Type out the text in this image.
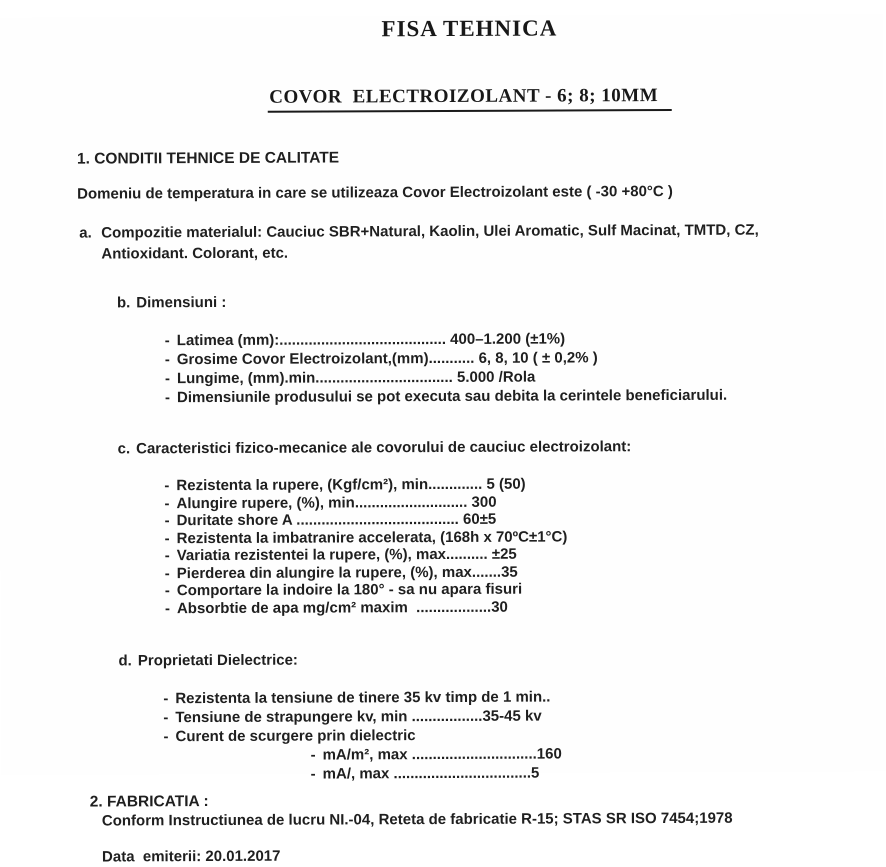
FISA TEHNICA
COVOR  ELECTROIZOLANT - 6; 8; 10MM
1. CONDITII TEHNICE DE CALITATE
Domeniu de temperatura in care se utilizeaza Covor Electroizolant este ( -30 +80°C )
a. Compozitie materialul: Cauciuc SBR+Natural, Kaolin, Ulei Aromatic, Sulf Macinat, TMTD, CZ,
Antioxidant. Colorant, etc.

b. Dimensiuni :

- Latimea (mm):........................................ 400–1.200 (±1%)
- Grosime Covor Electroizolant,(mm)........... 6, 8, 10 ( ± 0,2% )
- Lungime, (mm).min................................. 5.000 /Rola
- Dimensiunile produsului se pot executa sau debita la cerintele beneficiarului.

c. Caracteristici fizico-mecanice ale covorului de cauciuc electroizolant:

- Rezistenta la rupere, (Kgf/cm²), min............. 5 (50)
- Alungire rupere, (%), min........................... 300
- Duritate shore A ....................................... 60±5
- Rezistenta la imbatranire accelerata, (168h x 70ºC±1°C)
- Variatia rezistentei la rupere, (%), max.......... ±25
- Pierderea din alungire la rupere, (%), max.......35
- Comportare la indoire la 180° - sa nu apara fisuri
- Absorbtie de apa mg/cm² maxim  ..................30

d. Proprietati Dielectrice:

- Rezistenta la tensiune de tinere 35 kv timp de 1 min..
- Tensiune de strapungere kv, min .................35-45 kv
- Curent de scurgere prin dielectric
- mA/m², max ..............................160
- mA/, max .................................5
2. FABRICATIA :
Conform Instructiunea de lucru NI.-04, Reteta de fabricatie R-15; STAS SR ISO 7454;1978
Data  emiterii: 20.01.2017
